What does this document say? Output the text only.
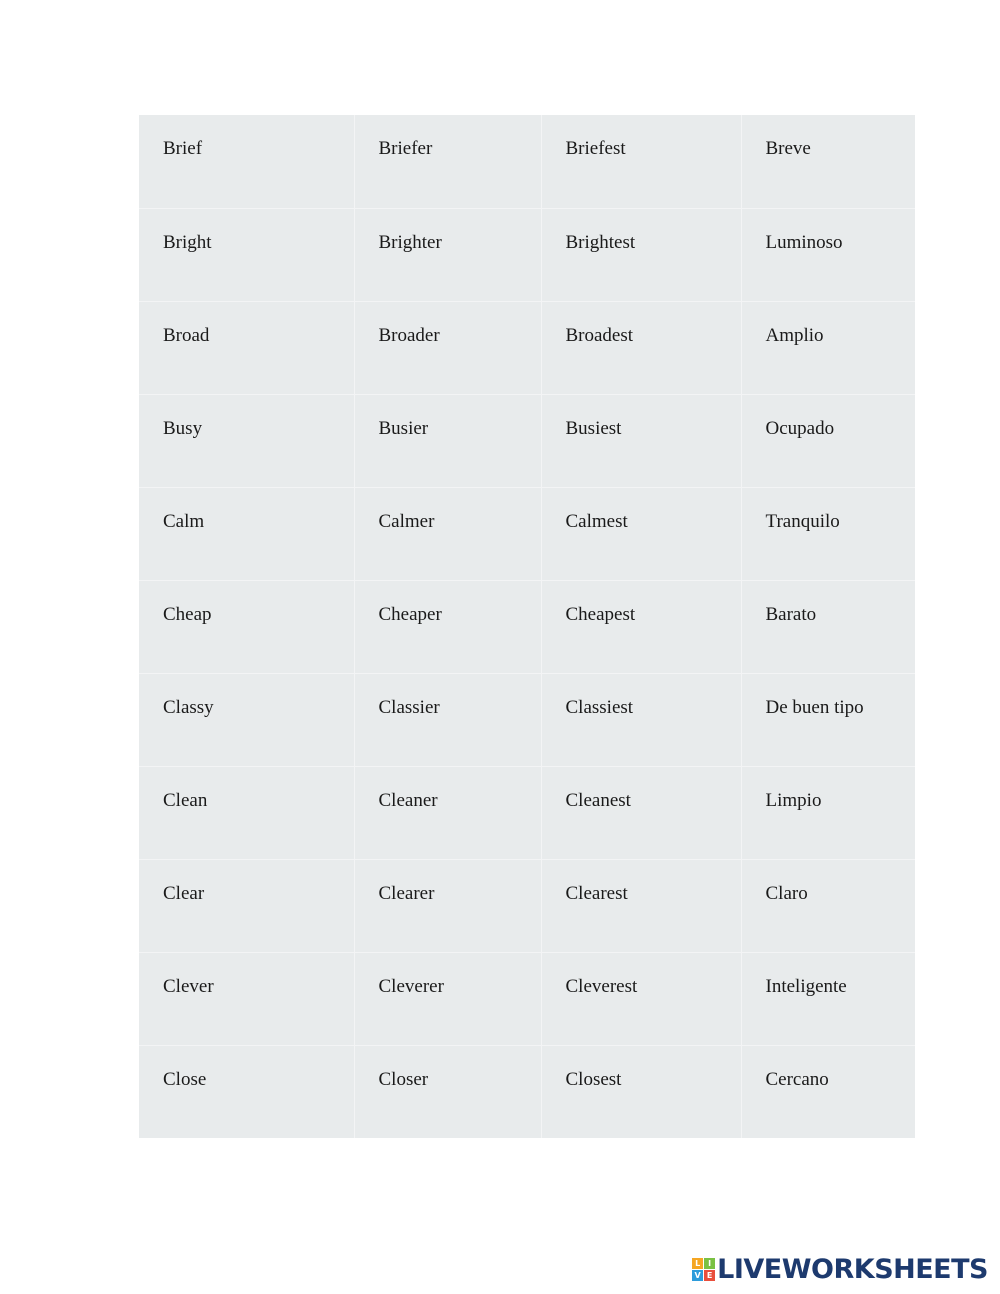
Brief	Briefer	Briefest	Breve

Bright	Brighter	Brightest	Luminoso

Broad	Broader	Broadest	Amplio

Busy	Busier	Busiest	Ocupado

Calm	Calmer	Calmest	Tranquilo

Cheap	Cheaper	Cheapest	Barato

Classy	Classier	Classiest	De buen tipo

Clean	Cleaner	Cleanest	Limpio

Clear	Clearer	Clearest	Claro

Clever	Cleverer	Cleverest	Inteligente

Close	Closer	Closest	Cercano
L I
V E LIVEWORKSHEETS
